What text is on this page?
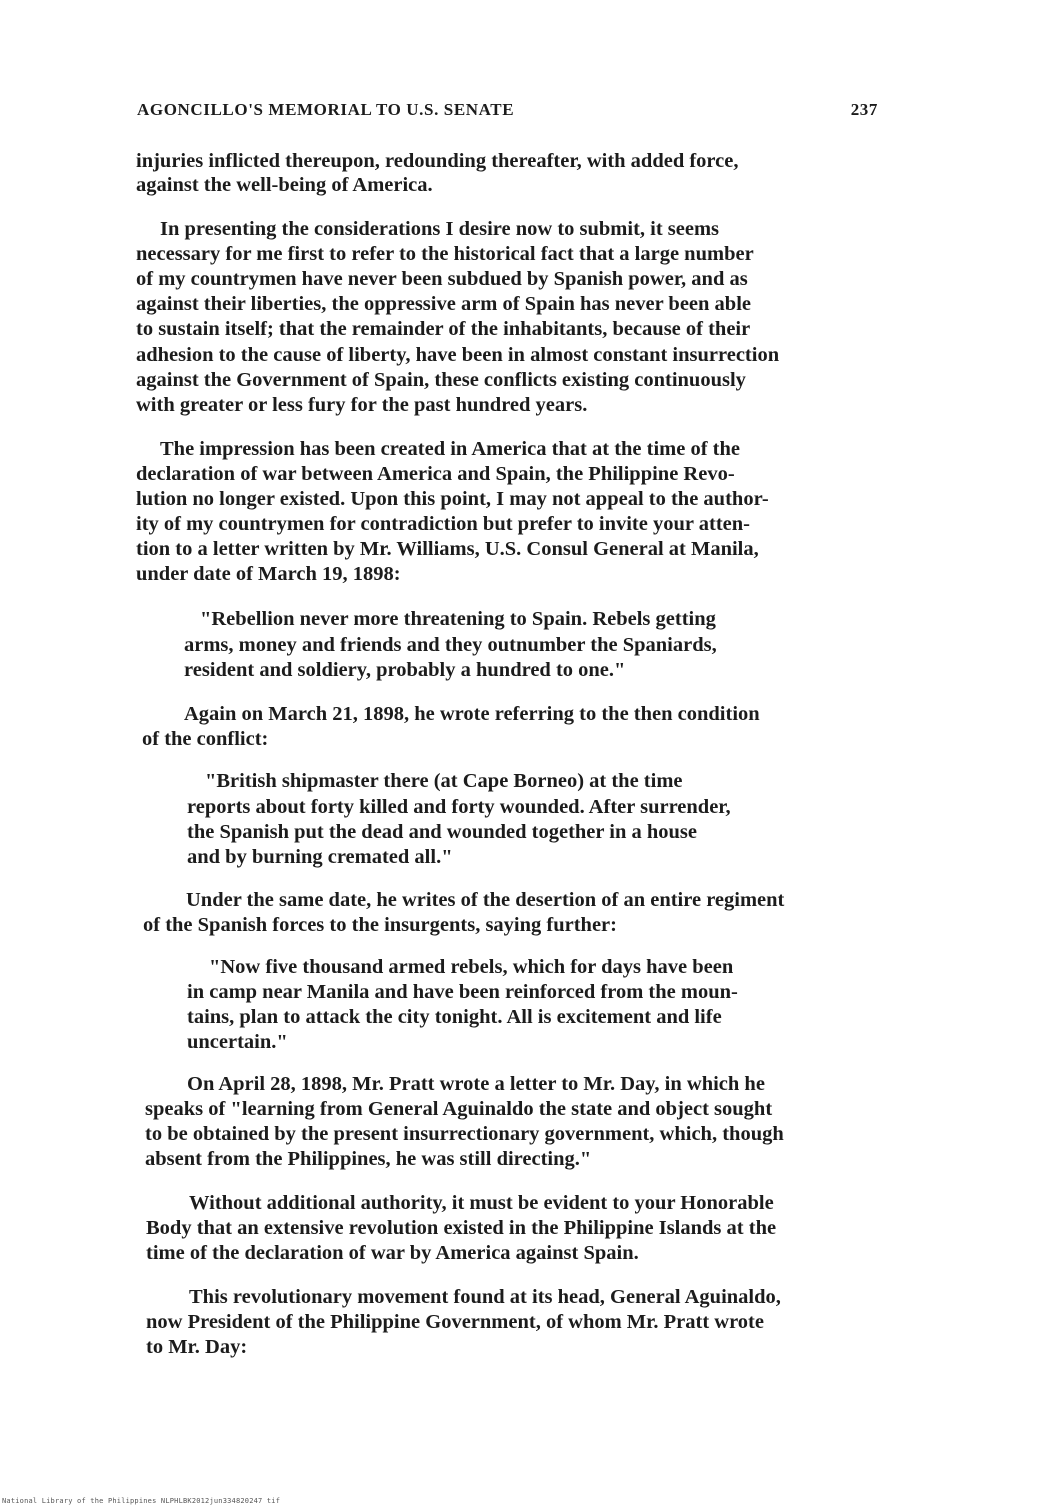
AGONCILLO'S MEMORIAL TO U.S. SENATE	237
injuries inflicted thereupon, redounding thereafter, with added force,
against the well-being of America.
In presenting the considerations I desire now to submit, it seems
necessary for me first to refer to the historical fact that a large number
of my countrymen have never been subdued by Spanish power, and as
against their liberties, the oppressive arm of Spain has never been able
to sustain itself; that the remainder of the inhabitants, because of their
adhesion to the cause of liberty, have been in almost constant insurrection
against the Government of Spain, these conflicts existing continuously
with greater or less fury for the past hundred years.
The impression has been created in America that at the time of the
declaration of war between America and Spain, the Philippine Revo-
lution no longer existed. Upon this point, I may not appeal to the author-
ity of my countrymen for contradiction but prefer to invite your atten-
tion to a letter written by Mr. Williams, U.S. Consul General at Manila,
under date of March 19, 1898:
"Rebellion never more threatening to Spain. Rebels getting
arms, money and friends and they outnumber the Spaniards,
resident and soldiery, probably a hundred to one."
Again on March 21, 1898, he wrote referring to the then condition
of the conflict:
"British shipmaster there (at Cape Borneo) at the time
reports about forty killed and forty wounded. After surrender,
the Spanish put the dead and wounded together in a house
and by burning cremated all."
Under the same date, he writes of the desertion of an entire regiment
of the Spanish forces to the insurgents, saying further:
"Now five thousand armed rebels, which for days have been
in camp near Manila and have been reinforced from the moun-
tains, plan to attack the city tonight. All is excitement and life
uncertain."
On April 28, 1898, Mr. Pratt wrote a letter to Mr. Day, in which he
speaks of "learning from General Aguinaldo the state and object sought
to be obtained by the present insurrectionary government, which, though
absent from the Philippines, he was still directing."
Without additional authority, it must be evident to your Honorable
Body that an extensive revolution existed in the Philippine Islands at the
time of the declaration of war by America against Spain.
This revolutionary movement found at its head, General Aguinaldo,
now President of the Philippine Government, of whom Mr. Pratt wrote
to Mr. Day:
National Library of the Philippines NLPHLBK2012jun334820247 tif
